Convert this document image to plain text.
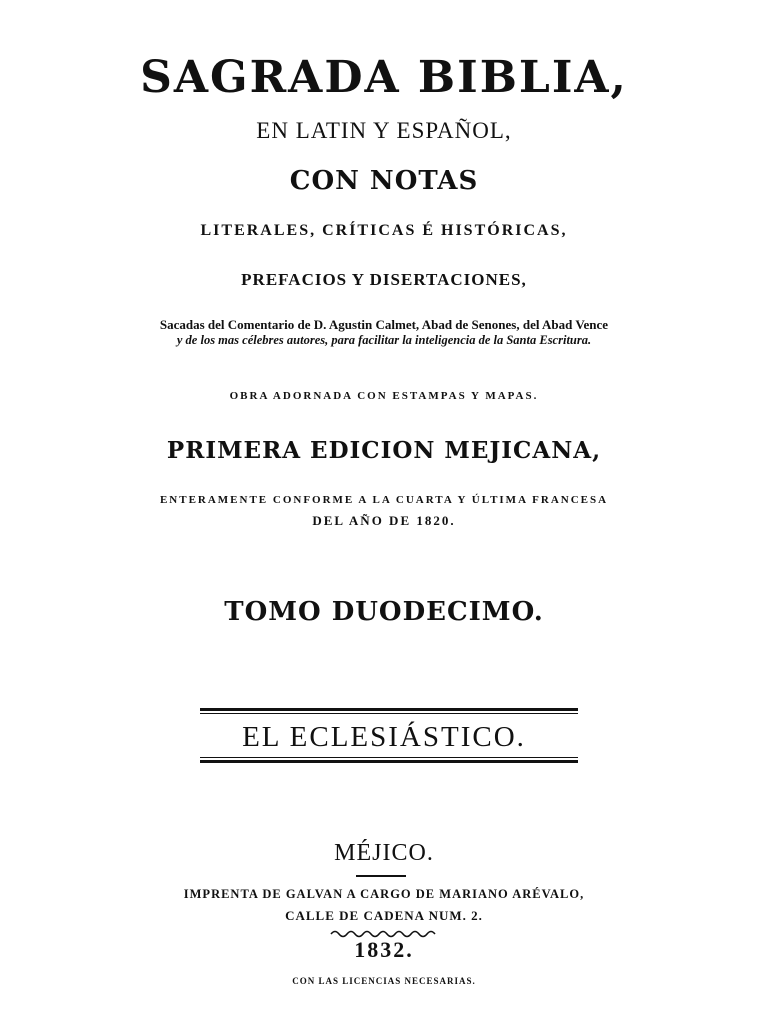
SAGRADA BIBLIA,
EN LATIN Y ESPAÑOL,
CON NOTAS
LITERALES, CRÍTICAS É HISTÓRICAS,
PREFACIOS Y DISERTACIONES,
Sacadas del Comentario de D. Agustin Calmet, Abad de Senones, del Abad Vence
y de los mas célebres autores, para facilitar la inteligencia de la Santa Escritura.
OBRA ADORNADA CON ESTAMPAS Y MAPAS.
PRIMERA EDICION MEJICANA,
ENTERAMENTE CONFORME A LA CUARTA Y ÚLTIMA FRANCESA
DEL AÑO DE 1820.
TOMO DUODECIMO.
EL ECLESIÁSTICO.
MÉJICO.
IMPRENTA DE GALVAN A CARGO DE MARIANO ARÉVALO,
CALLE DE CADENA NUM. 2.
1832.
CON LAS LICENCIAS NECESARIAS.
